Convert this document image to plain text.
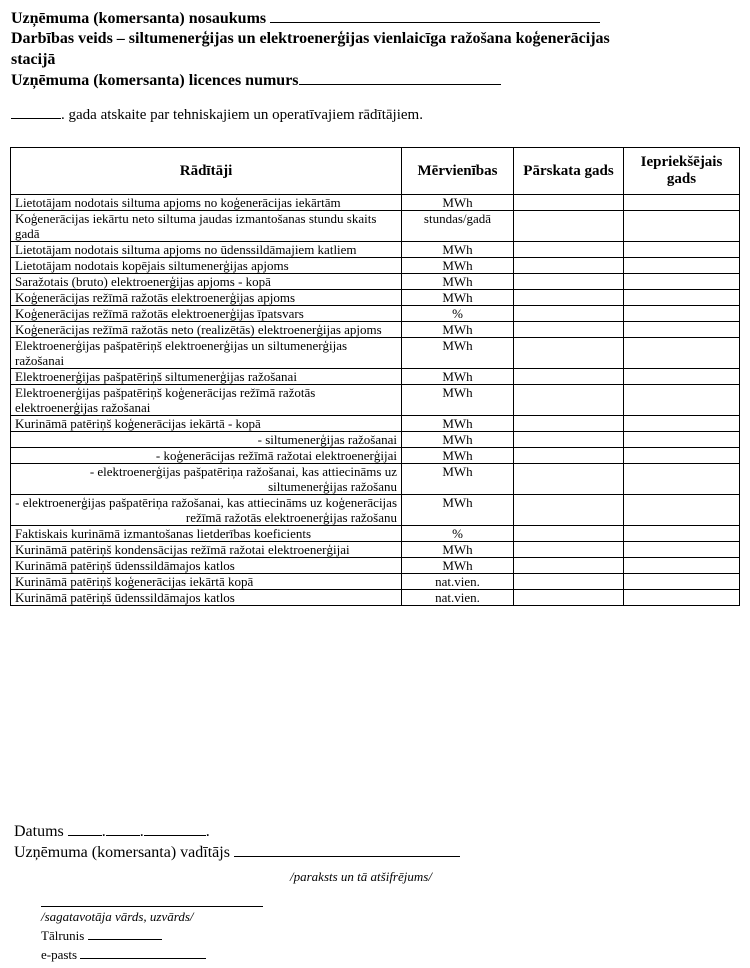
Uzņēmuma (komersanta) nosaukums
Darbības veids – siltumenerģijas un elektroenerģijas vienlaicīga ražošana koģenerācijas
stacijā
Uzņēmuma (komersanta) licences numurs
. gada atskaite par tehniskajiem un operatīvajiem rādītājiem.
Rādītāji	Mērvienības	Pārskata gads	Iepriekšējais gads
Lietotājam nodotais siltuma apjoms no koģenerācijas iekārtām	MWh		
Koģenerācijas iekārtu neto siltuma jaudas izmantošanas stundu skaits gadā	stundas/gadā		
Lietotājam nodotais siltuma apjoms no ūdenssildāmajiem katliem	MWh		
Lietotājam nodotais kopējais siltumenerģijas apjoms	MWh		
Saražotais (bruto) elektroenerģijas apjoms - kopā	MWh		
Koģenerācijas režīmā ražotās elektroenerģijas apjoms	MWh		
Koģenerācijas režīmā ražotās elektroenerģijas īpatsvars	%		
Koģenerācijas režīmā ražotās neto (realizētās) elektroenerģijas apjoms	MWh		
Elektroenerģijas pašpatēriņš elektroenerģijas un siltumenerģijas ražošanai	MWh		
Elektroenerģijas pašpatēriņš siltumenerģijas ražošanai	MWh		
Elektroenerģijas pašpatēriņš koģenerācijas režīmā ražotās elektroenerģijas ražošanai	MWh		
Kurināmā patēriņš koģenerācijas iekārtā - kopā	MWh		
- siltumenerģijas ražošanai	MWh		
- koģenerācijas režīmā ražotai elektroenerģijai	MWh		
- elektroenerģijas pašpatēriņa ražošanai, kas attiecināms uz siltumenerģijas ražošanu	MWh		
- elektroenerģijas pašpatēriņa ražošanai, kas attiecināms uz koģenerācijas režīmā ražotās elektroenerģijas ražošanu	MWh		
Faktiskais kurināmā izmantošanas lietderības koeficients	%		
Kurināmā patēriņš kondensācijas režīmā ražotai elektroenerģijai	MWh		
Kurināmā patēriņš ūdenssildāmajos katlos	MWh		
Kurināmā patēriņš koģenerācijas iekārtā kopā	nat.vien.		
Kurināmā patēriņš ūdenssildāmajos katlos	nat.vien.		
Datums . .	.
Uzņēmuma (komersanta) vadītājs
/paraksts un tā atšifrējums/
/sagatavotāja vārds, uzvārds/
Tālrunis
e-pasts
